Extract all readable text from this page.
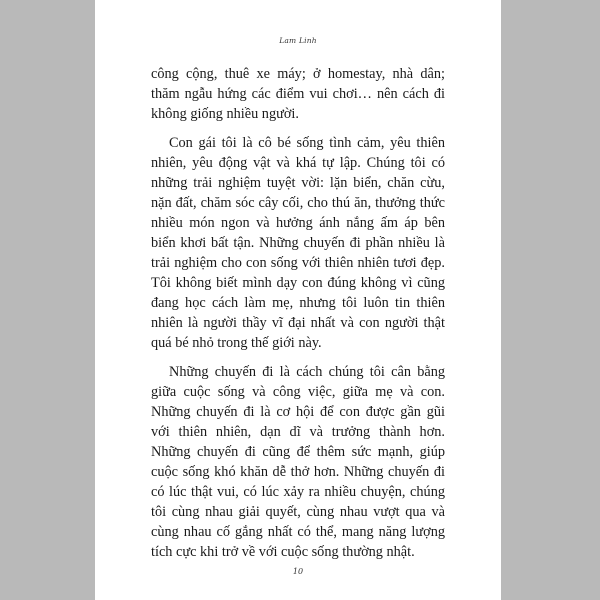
Lam Linh

công cộng, thuê xe máy; ở homestay, nhà dân; thăm ngẫu hứng các điểm vui chơi… nên cách đi không giống nhiều người.

Con gái tôi là cô bé sống tình cảm, yêu thiên nhiên, yêu động vật và khá tự lập. Chúng tôi có những trải nghiệm tuyệt vời: lặn biển, chăn cừu, nặn đất, chăm sóc cây cối, cho thú ăn, thưởng thức nhiều món ngon và hưởng ánh nắng ấm áp bên biển khơi bất tận. Những chuyến đi phần nhiều là trải nghiệm cho con sống với thiên nhiên tươi đẹp. Tôi không biết mình dạy con đúng không vì cũng đang học cách làm mẹ, nhưng tôi luôn tin thiên nhiên là người thầy vĩ đại nhất và con người thật quá bé nhỏ trong thế giới này.

Những chuyến đi là cách chúng tôi cân bằng giữa cuộc sống và công việc, giữa mẹ và con. Những chuyến đi là cơ hội để con được gần gũi với thiên nhiên, dạn dĩ và trưởng thành hơn. Những chuyến đi cũng để thêm sức mạnh, giúp cuộc sống khó khăn dễ thở hơn. Những chuyến đi có lúc thật vui, có lúc xảy ra nhiều chuyện, chúng tôi cùng nhau giải quyết, cùng nhau vượt qua và cùng nhau cố gắng nhất có thể, mang năng lượng tích cực khi trở về với cuộc sống thường nhật.

10
